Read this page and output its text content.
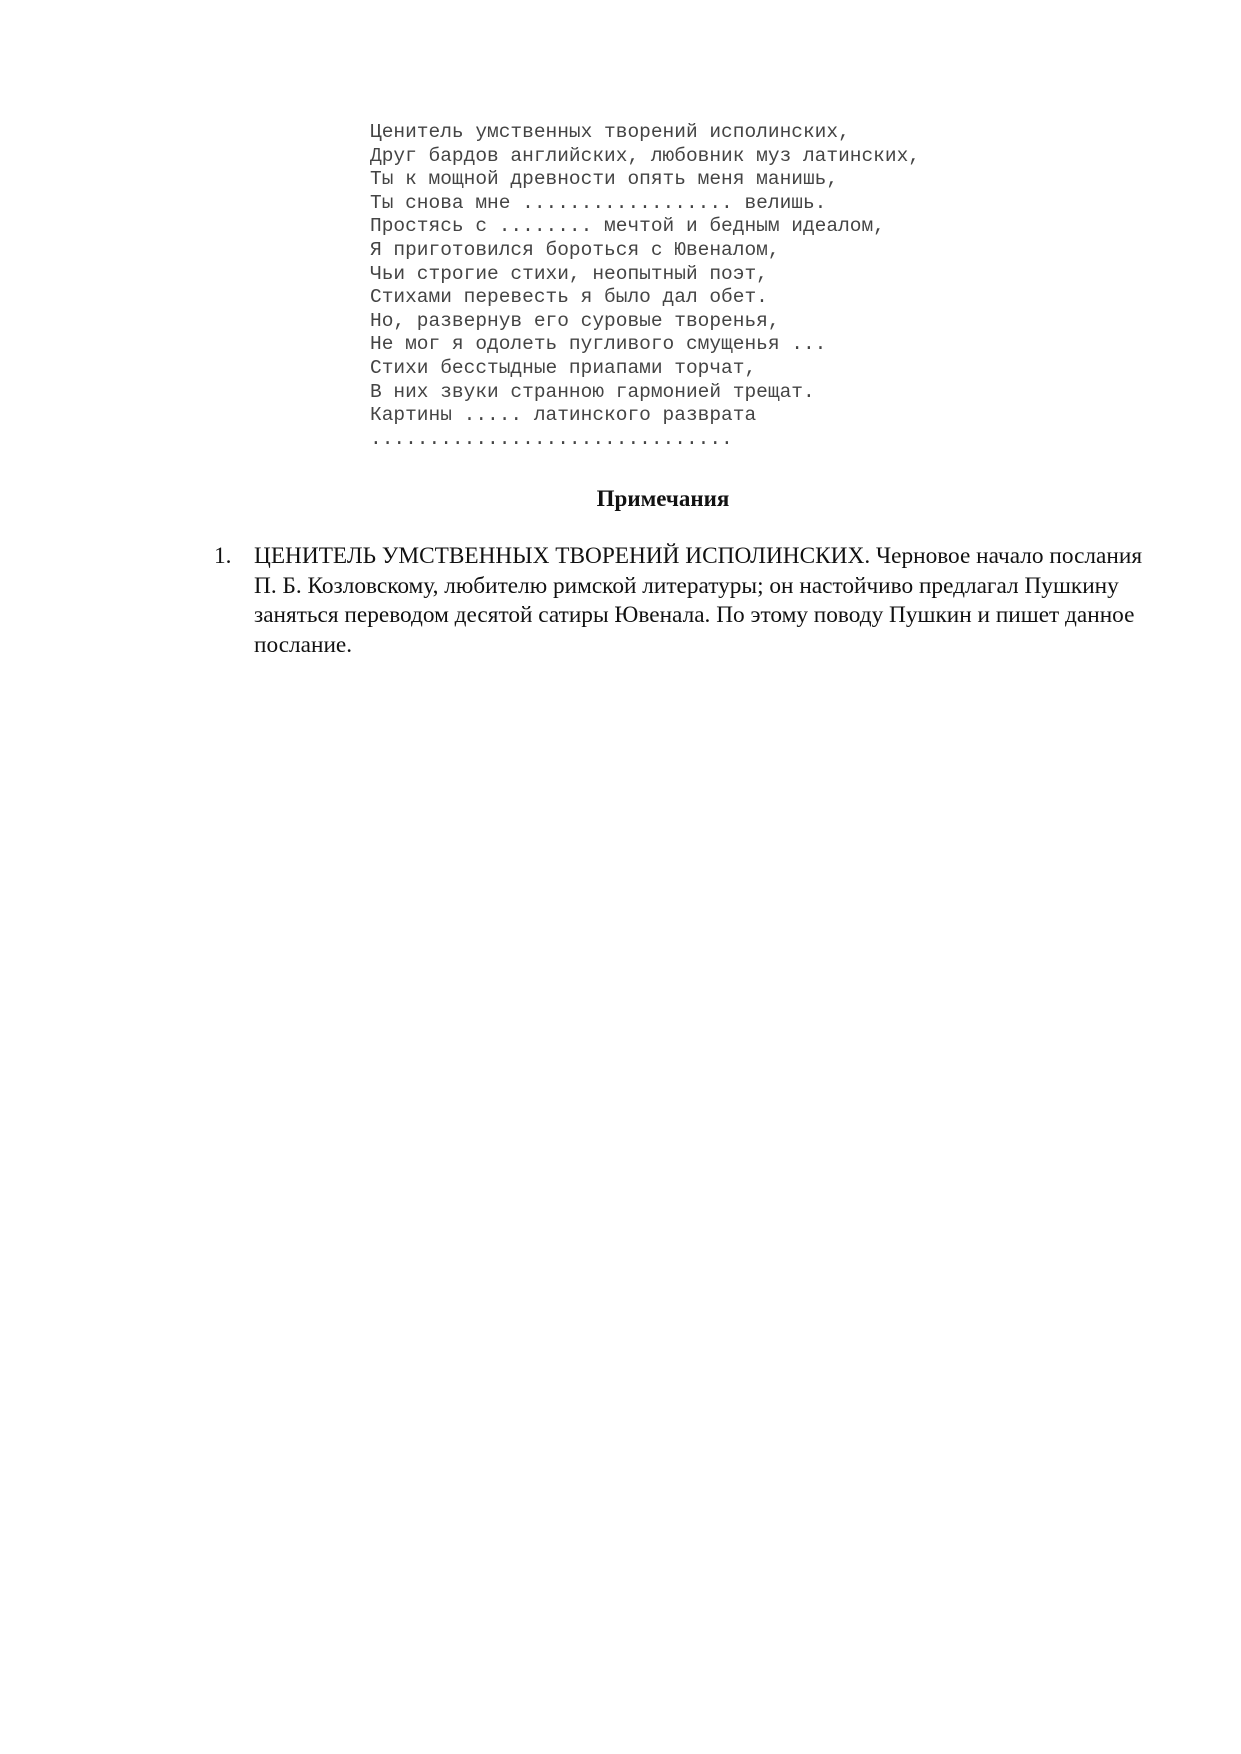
Ценитель умственных творений исполинских,
Друг бардов английских, любовник муз латинских,
Ты к мощной древности опять меня манишь,
Ты снова мне .................. велишь.
Простясь с ........ мечтой и бедным идеалом,
Я приготовился бороться с Ювеналом,
Чьи строгие стихи, неопытный поэт,
Стихами перевесть я было дал обет.
Но, развернув его суровые творенья,
Не мог я одолеть пугливого смущенья ...
Стихи бесстыдные приапами торчат,
В них звуки странною гармонией трещат.
Картины ..... латинского разврата
...............................
Примечания
1. ЦЕНИТЕЛЬ УМСТВЕННЫХ ТВОРЕНИЙ ИСПОЛИНСКИХ. Черновое начало послания П. Б. Козловскому, любителю римской литературы; он настойчиво предлагал Пушкину заняться переводом десятой сатиры Ювенала. По этому поводу Пушкин и пишет данное послание.
